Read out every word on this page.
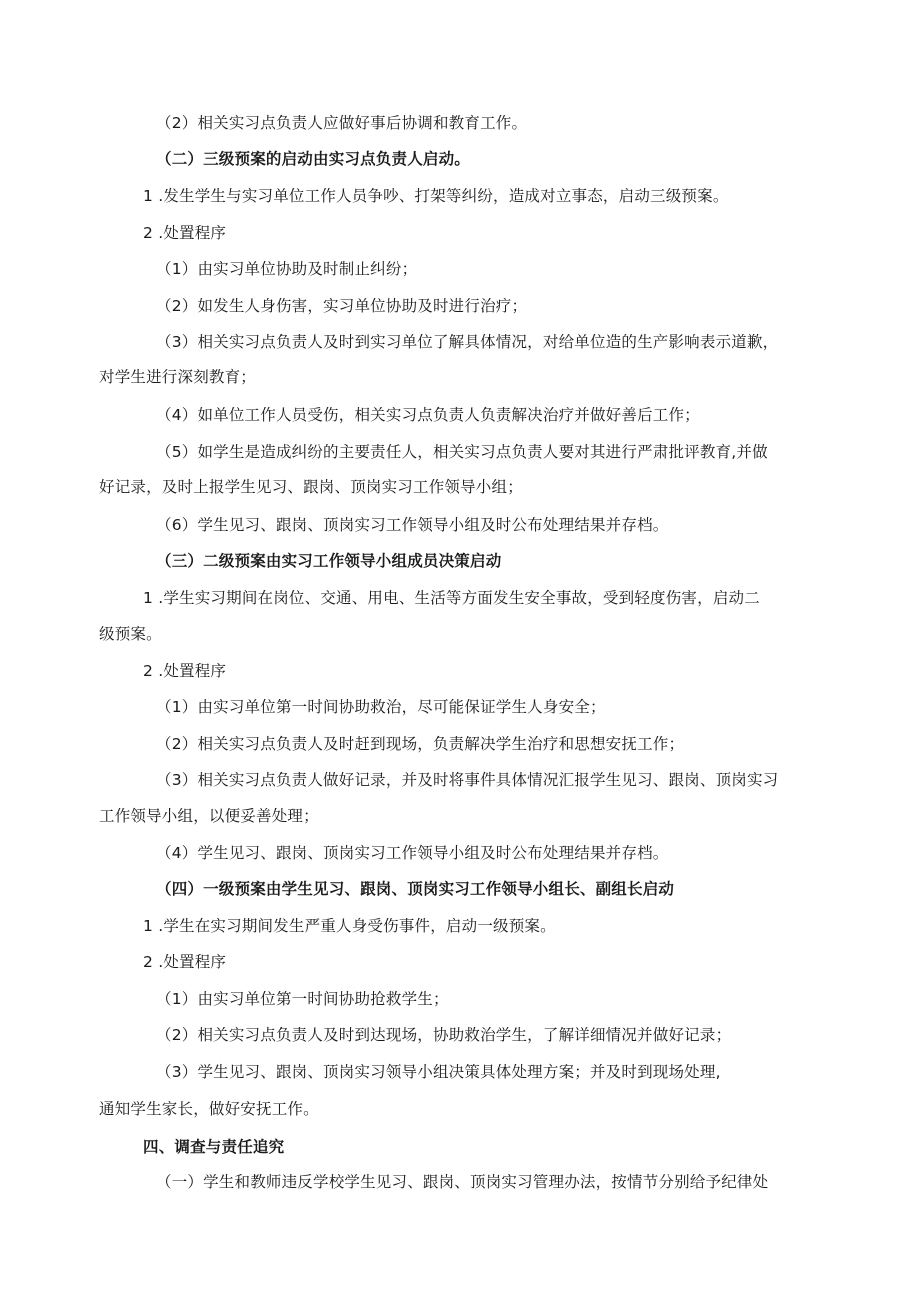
（2）相关实习点负责人应做好事后协调和教育工作。
（二）三级预案的启动由实习点负责人启动。
1 .发生学生与实习单位工作人员争吵、打架等纠纷，造成对立事态，启动三级预案。
2 .处置程序
（1）由实习单位协助及时制止纠纷；
（2）如发生人身伤害，实习单位协助及时进行治疗；
（3）相关实习点负责人及时到实习单位了解具体情况，对给单位造的生产影响表示道歉，
对学生进行深刻教育；
（4）如单位工作人员受伤，相关实习点负责人负责解决治疗并做好善后工作；
（5）如学生是造成纠纷的主要责任人，相关实习点负责人要对其进行严肃批评教育,并做
好记录，及时上报学生见习、跟岗、顶岗实习工作领导小组；
（6）学生见习、跟岗、顶岗实习工作领导小组及时公布处理结果并存档。
（三）二级预案由实习工作领导小组成员决策启动
1 .学生实习期间在岗位、交通、用电、生活等方面发生安全事故，受到轻度伤害，启动二
级预案。
2 .处置程序
（1）由实习单位第一时间协助救治，尽可能保证学生人身安全；
（2）相关实习点负责人及时赶到现场，负责解决学生治疗和思想安抚工作；
（3）相关实习点负责人做好记录，并及时将事件具体情况汇报学生见习、跟岗、顶岗实习
工作领导小组，以便妥善处理；
（4）学生见习、跟岗、顶岗实习工作领导小组及时公布处理结果并存档。
（四）一级预案由学生见习、跟岗、顶岗实习工作领导小组长、副组长启动
1 .学生在实习期间发生严重人身受伤事件，启动一级预案。
2 .处置程序
（1）由实习单位第一时间协助抢救学生；
（2）相关实习点负责人及时到达现场，协助救治学生，了解详细情况并做好记录；
（3）学生见习、跟岗、顶岗实习领导小组决策具体处理方案；并及时到现场处理,
通知学生家长，做好安抚工作。
四、调查与责任追究
（一）学生和教师违反学校学生见习、跟岗、顶岗实习管理办法，按情节分别给予纪律处
